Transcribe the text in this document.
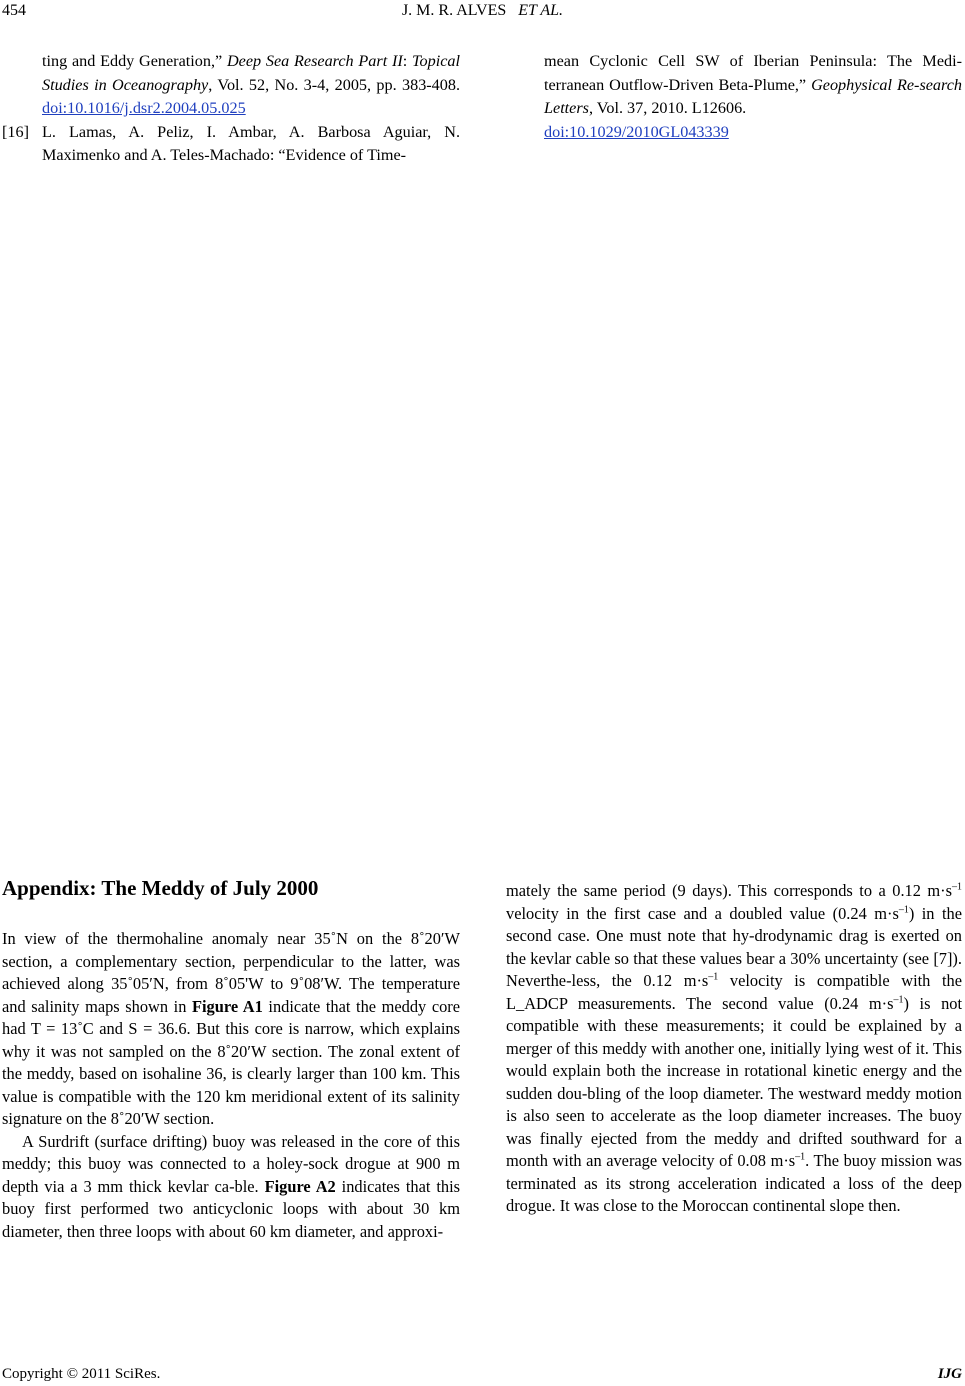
454	J. M. R. ALVES ET AL.

ting and Eddy Generation,” Deep Sea Research Part II: Topical Studies in Oceanography, Vol. 52, No. 3-4, 2005, pp. 383-408. doi:10.1016/j.dsr2.2004.05.025

[16] L. Lamas, A. Peliz, I. Ambar, A. Barbosa Aguiar, N. Maximenko and A. Teles-Machado: “Evidence of Time-

mean Cyclonic Cell SW of Iberian Peninsula: The Medi-terranean Outflow-Driven Beta-Plume,” Geophysical Re-search Letters, Vol. 37, 2010. L12606.
doi:10.1029/2010GL043339

Appendix: The Meddy of July 2000

In view of the thermohaline anomaly near 35˚N on the 8˚20′W section, a complementary section, perpendicular to the latter, was achieved along 35˚05′N, from 8˚05'W to 9˚08′W. The temperature and salinity maps shown in Figure A1 indicate that the meddy core had T = 13˚C and S = 36.6. But this core is narrow, which explains why it was not sampled on the 8˚20′W section. The zonal extent of the meddy, based on isohaline 36, is clearly larger than 100 km. This value is compatible with the 120 km meridional extent of its salinity signature on the 8˚20′W section.

A Surdrift (surface drifting) buoy was released in the core of this meddy; this buoy was connected to a holey-sock drogue at 900 m depth via a 3 mm thick kevlar ca-ble. Figure A2 indicates that this buoy first performed two anticyclonic loops with about 30 km diameter, then three loops with about 60 km diameter, and approxi-

mately the same period (9 days). This corresponds to a 0.12 $m\cdot s^{-1}$ velocity in the first case and a doubled value (0.24 $m\cdot s^{-1}$) in the second case. One must note that hy-drodynamic drag is exerted on the kevlar cable so that these values bear a 30% uncertainty (see [7]). Neverthe-less, the 0.12 $m\cdot s^{-1}$ velocity is compatible with the L_ADCP measurements. The second value (0.24 $m\cdot s^{-1}$) is not compatible with these measurements; it could be explained by a merger of this meddy with another one, initially lying west of it. This would explain both the increase in rotational kinetic energy and the sudden dou-bling of the loop diameter. The westward meddy motion is also seen to accelerate as the loop diameter increases. The buoy was finally ejected from the meddy and drifted southward for a month with an average velocity of 0.08 $m\cdot s^{-1}$. The buoy mission was terminated as its strong acceleration indicated a loss of the deep drogue. It was close to the Moroccan continental slope then.

Copyright © 2011 SciRes.	IJG
